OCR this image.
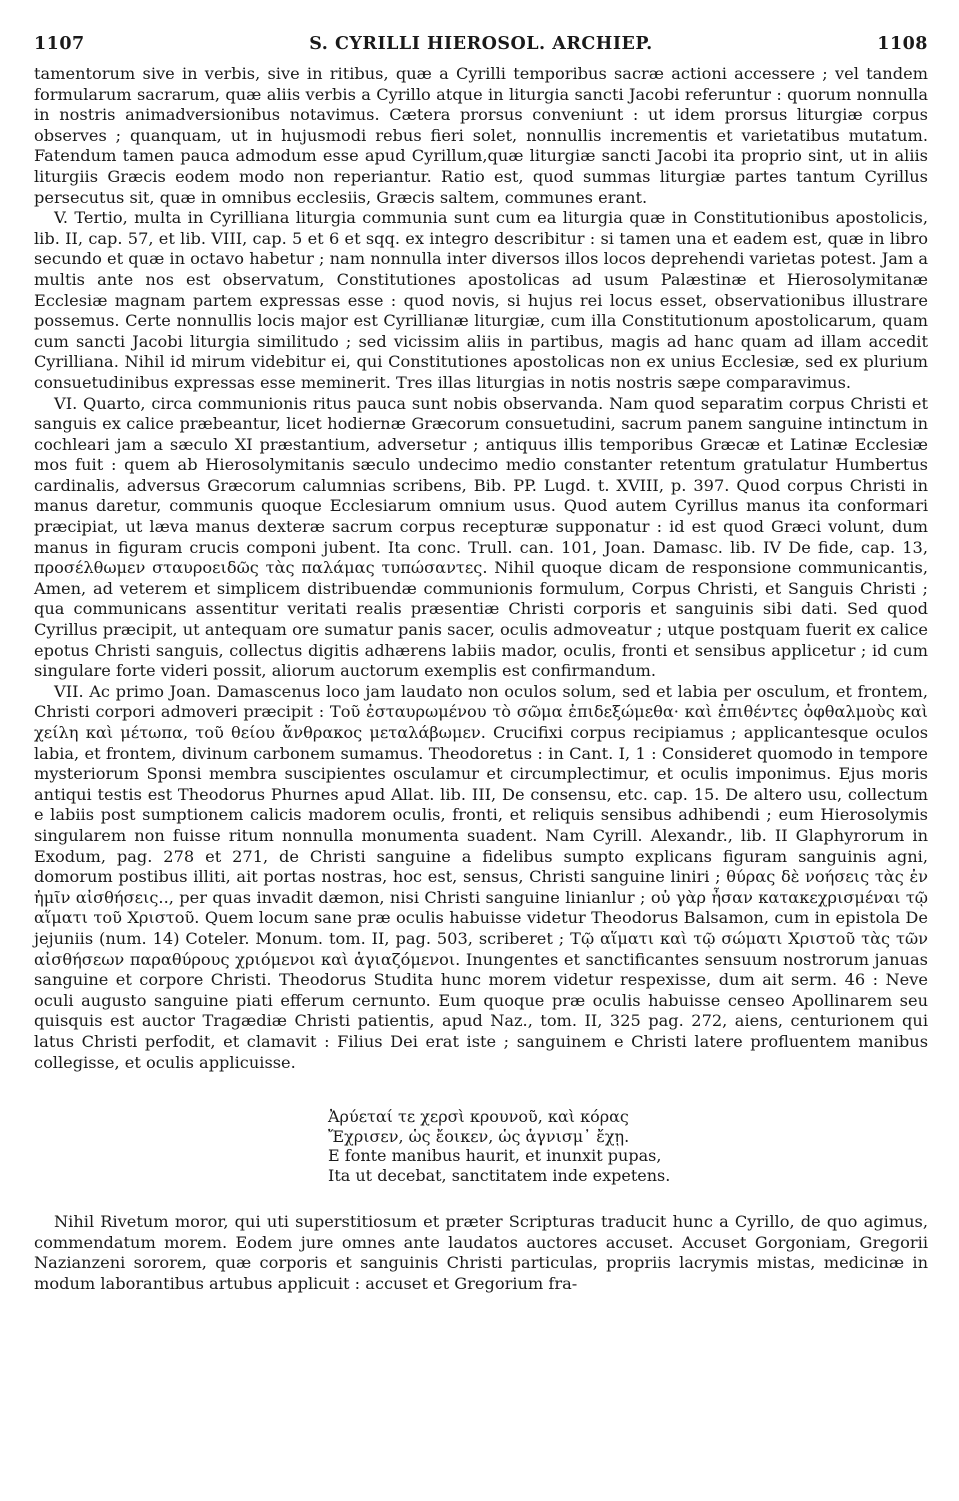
1107	S. CYRILLI HIEROSOL. ARCHIEP.	1108

tamentorum sive in verbis, sive in ritibus, quæ a Cyrilli temporibus sacræ actioni accessere ; vel tandem formularum sacrarum, quæ aliis verbis a Cyrillo atque in liturgia sancti Jacobi referuntur : quorum nonnulla in nostris animadversionibus notavimus. Cætera prorsus conveniunt : ut idem prorsus liturgiæ corpus observes ; quanquam, ut in hujusmodi rebus fieri solet, nonnullis incrementis et varietatibus mutatum. Fatendum tamen pauca admodum esse apud Cyrillum,quæ liturgiæ sancti Jacobi ita proprio sint, ut in aliis liturgiis Græcis eodem modo non reperiantur. Ratio est, quod summas liturgiæ partes tantum Cyrillus persecutus sit, quæ in omnibus ecclesiis, Græcis saltem, communes erant.

V. Tertio, multa in Cyrilliana liturgia communia sunt cum ea liturgia quæ in Constitutionibus apostolicis, lib. II, cap. 57, et lib. VIII, cap. 5 et 6 et sqq. ex integro describitur : si tamen una et eadem est, quæ in libro secundo et quæ in octavo habetur ; nam nonnulla inter diversos illos locos deprehendi varietas potest. Jam a multis ante nos est observatum, Constitutiones apostolicas ad usum Palæstinæ et Hierosolymitanæ Ecclesiæ magnam partem expressas esse : quod novis, si hujus rei locus esset, observationibus illustrare possemus. Certe nonnullis locis major est Cyrillianæ liturgiæ, cum illa Constitutionum apostolicarum, quam cum sancti Jacobi liturgia similitudo ; sed vicissim aliis in partibus, magis ad hanc quam ad illam accedit Cyrilliana. Nihil id mirum videbitur ei, qui Constitutiones apostolicas non ex unius Ecclesiæ, sed ex plurium consuetudinibus expressas esse meminerit. Tres illas liturgias in notis nostris sæpe comparavimus.

VI. Quarto, circa communionis ritus pauca sunt nobis observanda. Nam quod separatim corpus Christi et sanguis ex calice præbeantur, licet hodiernæ Græcorum consuetudini, sacrum panem sanguine intinctum in cochleari jam a sæculo XI præstantium, adversetur ; antiquus illis temporibus Græcæ et Latinæ Ecclesiæ mos fuit : quem ab Hierosolymitanis sæculo undecimo medio constanter retentum gratulatur Humbertus cardinalis, adversus Græcorum calumnias scribens, Bib. PP. Lugd. t. XVIII, p. 397. Quod corpus Christi in manus daretur, communis quoque Ecclesiarum omnium usus. Quod autem Cyrillus manus ita conformari præcipiat, ut læva manus dexteræ sacrum corpus recepturæ supponatur : id est quod Græci volunt, dum manus in figuram crucis componi jubent. Ita conc. Trull. can. 101, Joan. Damasc. lib. IV De fide, cap. 13, προσέλθωμεν σταυροειδῶς τὰς παλάμας τυπώσαντες. Nihil quoque dicam de responsione communicantis, Amen, ad veterem et simplicem distribuendæ communionis formulum, Corpus Christi, et Sanguis Christi ; qua communicans assentitur veritati realis præsentiæ Christi corporis et sanguinis sibi dati. Sed quod Cyrillus præcipit, ut antequam ore sumatur panis sacer, oculis admoveatur ; utque postquam fuerit ex calice epotus Christi sanguis, collectus digitis adhærens labiis mador, oculis, fronti et sensibus applicetur ; id cum singulare forte videri possit, aliorum auctorum exemplis est confirmandum.

VII. Ac primo Joan. Damascenus loco jam laudato non oculos solum, sed et labia per osculum, et frontem, Christi corpori admoveri præcipit : Τοῦ ἐσταυρωμένου τὸ σῶμα ἐπιδεξώμεθα· καὶ ἐπιθέντες ὀφθαλμοὺς καὶ χείλη καὶ μέτωπα, τοῦ θείου ἄνθρακος μεταλάβωμεν. Crucifixi corpus recipiamus ; applicantesque oculos labia, et frontem, divinum carbonem sumamus. Theodoretus : in Cant. I, 1 : Consideret quomodo in tempore mysteriorum Sponsi membra suscipientes osculamur et circumplectimur, et oculis imponimus. Ejus moris antiqui testis est Theodorus Phurnes apud Allat. lib. III, De consensu, etc. cap. 15. De altero usu, collectum e labiis post sumptionem calicis madorem oculis, fronti, et reliquis sensibus adhibendi ; eum Hierosolymis singularem non fuisse ritum nonnulla monumenta suadent. Nam Cyrill. Alexandr., lib. II Glaphyrorum in Exodum, pag. 278 et 271, de Christi sanguine a fidelibus sumpto explicans figuram sanguinis agni, domorum postibus illiti, ait portas nostras, hoc est, sensus, Christi sanguine liniri ; θύρας δὲ νοήσεις τὰς ἐν ἡμῖν αἰσθήσεις.., per quas invadit dæmon, nisi Christi sanguine linianlur ; οὐ γὰρ ἦσαν κατακεχρισμέναι τῷ αἵματι τοῦ Χριστοῦ. Quem locum sane præ oculis habuisse videtur Theodorus Balsamon, cum in epistola De jejuniis (num. 14) Coteler. Monum. tom. II, pag. 503, scriberet ; Τῷ αἵματι καὶ τῷ σώματι Χριστοῦ τὰς τῶν αἰσθήσεων παραθύρους χριόμενοι καὶ ἁγιαζόμενοι. Inungentes et sanctificantes sensuum nostrorum januas sanguine et corpore Christi. Theodorus Studita hunc morem videtur respexisse, dum ait serm. 46 : Neve oculi augusto sanguine piati efferum cernunto. Eum quoque præ oculis habuisse censeo Apollinarem seu quisquis est auctor Tragædiæ Christi patientis, apud Naz., tom. II, 325 pag. 272, aiens, centurionem qui latus Christi perfodit, et clamavit : Filius Dei erat iste ; sanguinem e Christi latere profluentem manibus collegisse, et oculis applicuisse.

Ἀρύεταί τε χερσὶ κρουνοῦ, καὶ κόρας
Ἔχρισεν, ὡς ἔοικεν, ὡς ἁγνισμ᾽ ἔχῃ.
E fonte manibus haurit, et inunxit pupas,
Ita ut decebat, sanctitatem inde expetens.

Nihil Rivetum moror, qui uti superstitiosum et præter Scripturas traducit hunc a Cyrillo, de quo agimus, commendatum morem. Eodem jure omnes ante laudatos auctores accuset. Accuset Gorgoniam, Gregorii Nazianzeni sororem, quæ corporis et sanguinis Christi particulas, propriis lacrymis mistas, medicinæ in modum laborantibus artubus applicuit : accuset et Gregorium fra-
